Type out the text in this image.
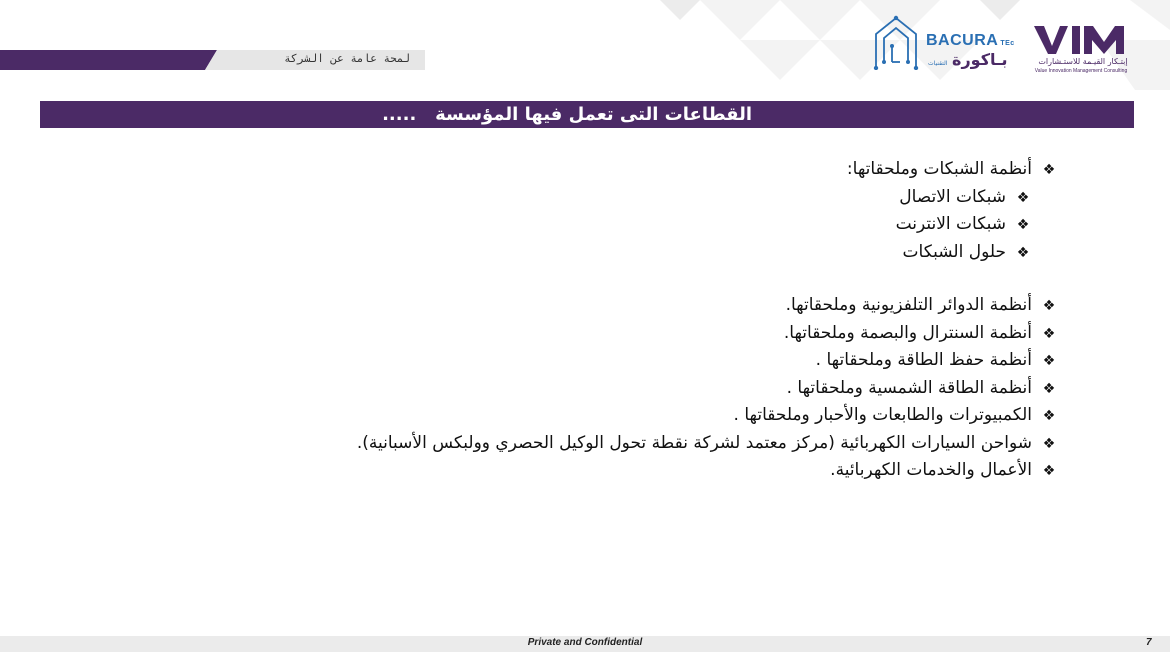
لمحة عامة عن الشركة
BACURA TEc
بـاكورة
التقنيات	إبتـكار القيـمة للاستـشارات
Value Innovation Management Consulting
القطاعات التى تعمل فيها المؤسسة   .....
❖أنظمة الشبكات وملحقاتها:
❖شبكات الاتصال
❖شبكات الانترنت
❖حلول الشبكات
❖أنظمة الدوائر التلفزيونية وملحقاتها.
❖أنظمة السنترال والبصمة وملحقاتها.
❖أنظمة حفظ الطاقة وملحقاتها .
❖أنظمة الطاقة الشمسية وملحقاتها .
❖الكمبيوترات والطابعات والأحبار وملحقاتها .
❖شواحن السيارات الكهربائية (مركز معتمد لشركة نقطة تحول الوكيل الحصري وولبكس الأسبانية).
❖الأعمال والخدمات الكهربائية.
Private and Confidential	7
